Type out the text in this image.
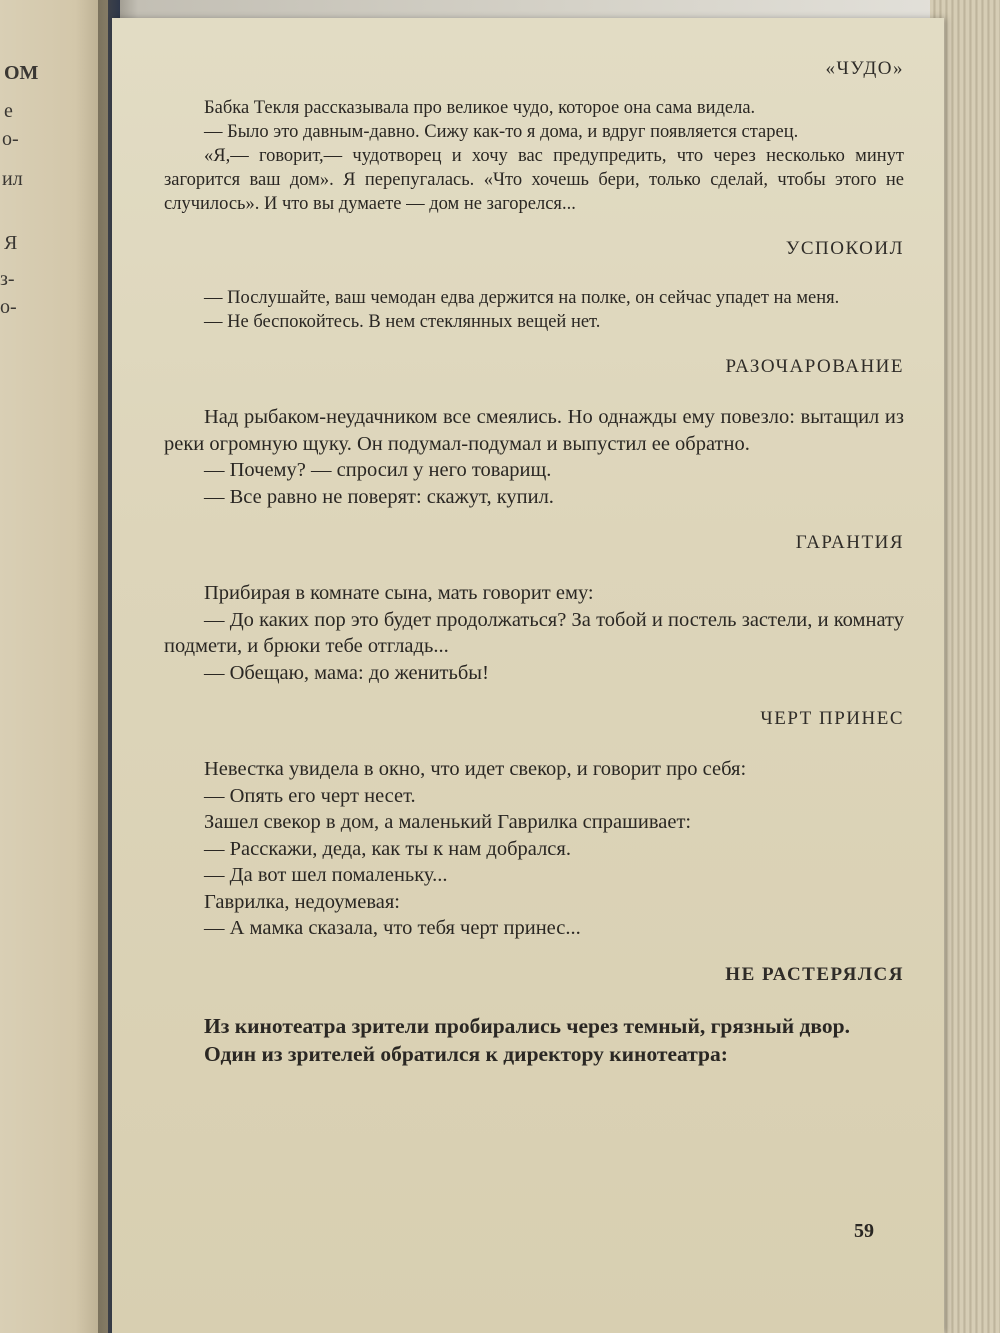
ОМ
е
о-
ил
Я
з-
о-

«ЧУДО»

Бабка Текля рассказывала про великое чудо, которое она сама видела.

— Было это давным-давно. Сижу как-то я дома, и вдруг появляется старец.

«Я,— говорит,— чудотворец и хочу вас предупредить, что через несколько минут загорится ваш дом». Я перепугалась. «Что хочешь бери, только сделай, чтобы этого не случилось». И что вы думаете — дом не загорелся...

УСПОКОИЛ

— Послушайте, ваш чемодан едва держится на полке, он сейчас упадет на меня.

— Не беспокойтесь. В нем стеклянных вещей нет.

РАЗОЧАРОВАНИЕ

Над рыбаком-неудачником все смеялись. Но однажды ему повезло: вытащил из реки огромную щуку. Он подумал-подумал и выпустил ее обратно.

— Почему? — спросил у него товарищ.

— Все равно не поверят: скажут, купил.

ГАРАНТИЯ

Прибирая в комнате сына, мать говорит ему:

— До каких пор это будет продолжаться? За тобой и постель застели, и комнату подмети, и брюки тебе отгладь...

— Обещаю, мама: до женитьбы!

ЧЕРТ ПРИНЕС

Невестка увидела в окно, что идет свекор, и говорит про себя:

— Опять его черт несет.

Зашел свекор в дом, а маленький Гаврилка спрашивает:

— Расскажи, деда, как ты к нам добрался.

— Да вот шел помаленьку...

Гаврилка, недоумевая:

— А мамка сказала, что тебя черт принес...

НЕ РАСТЕРЯЛСЯ

Из кинотеатра зрители пробирались через темный, грязный двор.

Один из зрителей обратился к директору кинотеатра:

59
